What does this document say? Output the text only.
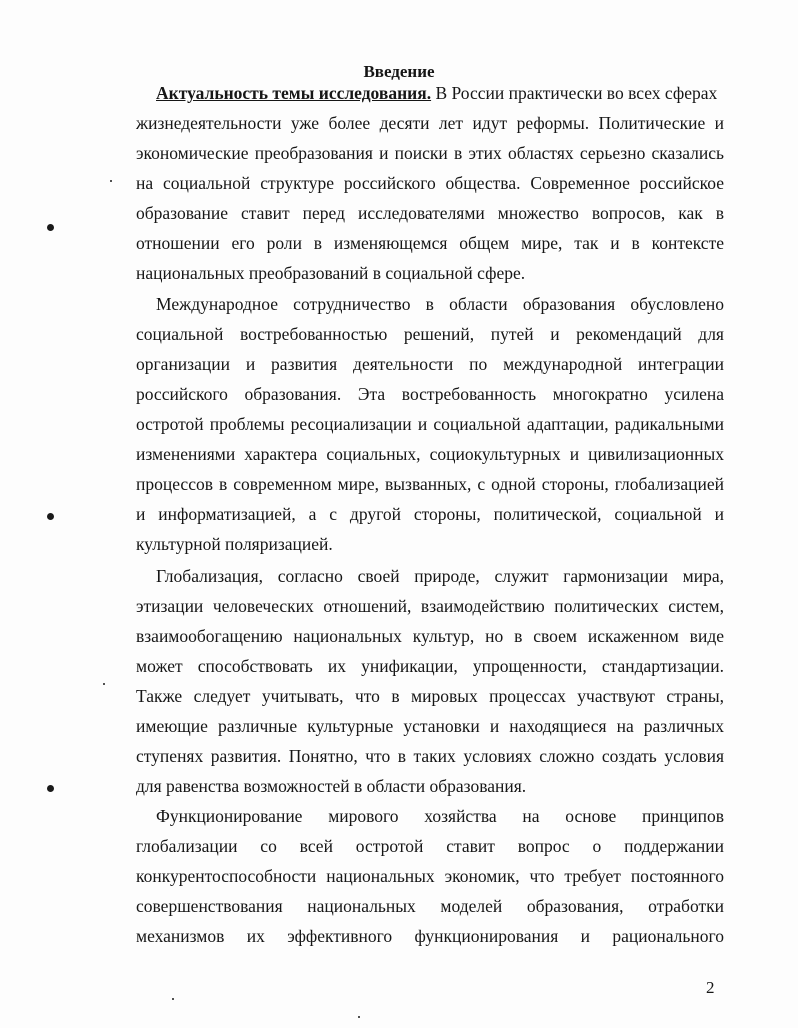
Введение
Актуальность темы исследования. В России практически во всех сферах
жизнедеятельности уже более десяти лет идут реформы. Политические и
экономические преобразования и поиски в этих областях серьезно сказались
на социальной структуре российского общества. Современное российское
образование ставит перед исследователями множество вопросов, как в
отношении его роли в изменяющемся общем мире, так и в контексте
национальных преобразований в социальной сфере.
Международное сотрудничество в области образования обусловлено
социальной востребованностью решений, путей и рекомендаций для
организации и развития деятельности по международной интеграции
российского образования. Эта востребованность многократно усилена
остротой проблемы ресоциализации и социальной адаптации, радикальными
изменениями характера социальных, социокультурных и цивилизационных
процессов в современном мире, вызванных, с одной стороны, глобализацией
и информатизацией, а с другой стороны, политической, социальной и
культурной поляризацией.
Глобализация, согласно своей природе, служит гармонизации мира,
этизации человеческих отношений, взаимодействию политических систем,
взаимообогащению национальных культур, но в своем искаженном виде
может способствовать их унификации, упрощенности, стандартизации.
Также следует учитывать, что в мировых процессах участвуют страны,
имеющие различные культурные установки и находящиеся на различных
ступенях развития. Понятно, что в таких условиях сложно создать условия
для равенства возможностей в области образования.
Функционирование мирового хозяйства на основе принципов
глобализации со всей остротой ставит вопрос о поддержании
конкурентоспособности национальных экономик, что требует постоянного
совершенствования национальных моделей образования, отработки
механизмов их эффективного функционирования и рационального
2
